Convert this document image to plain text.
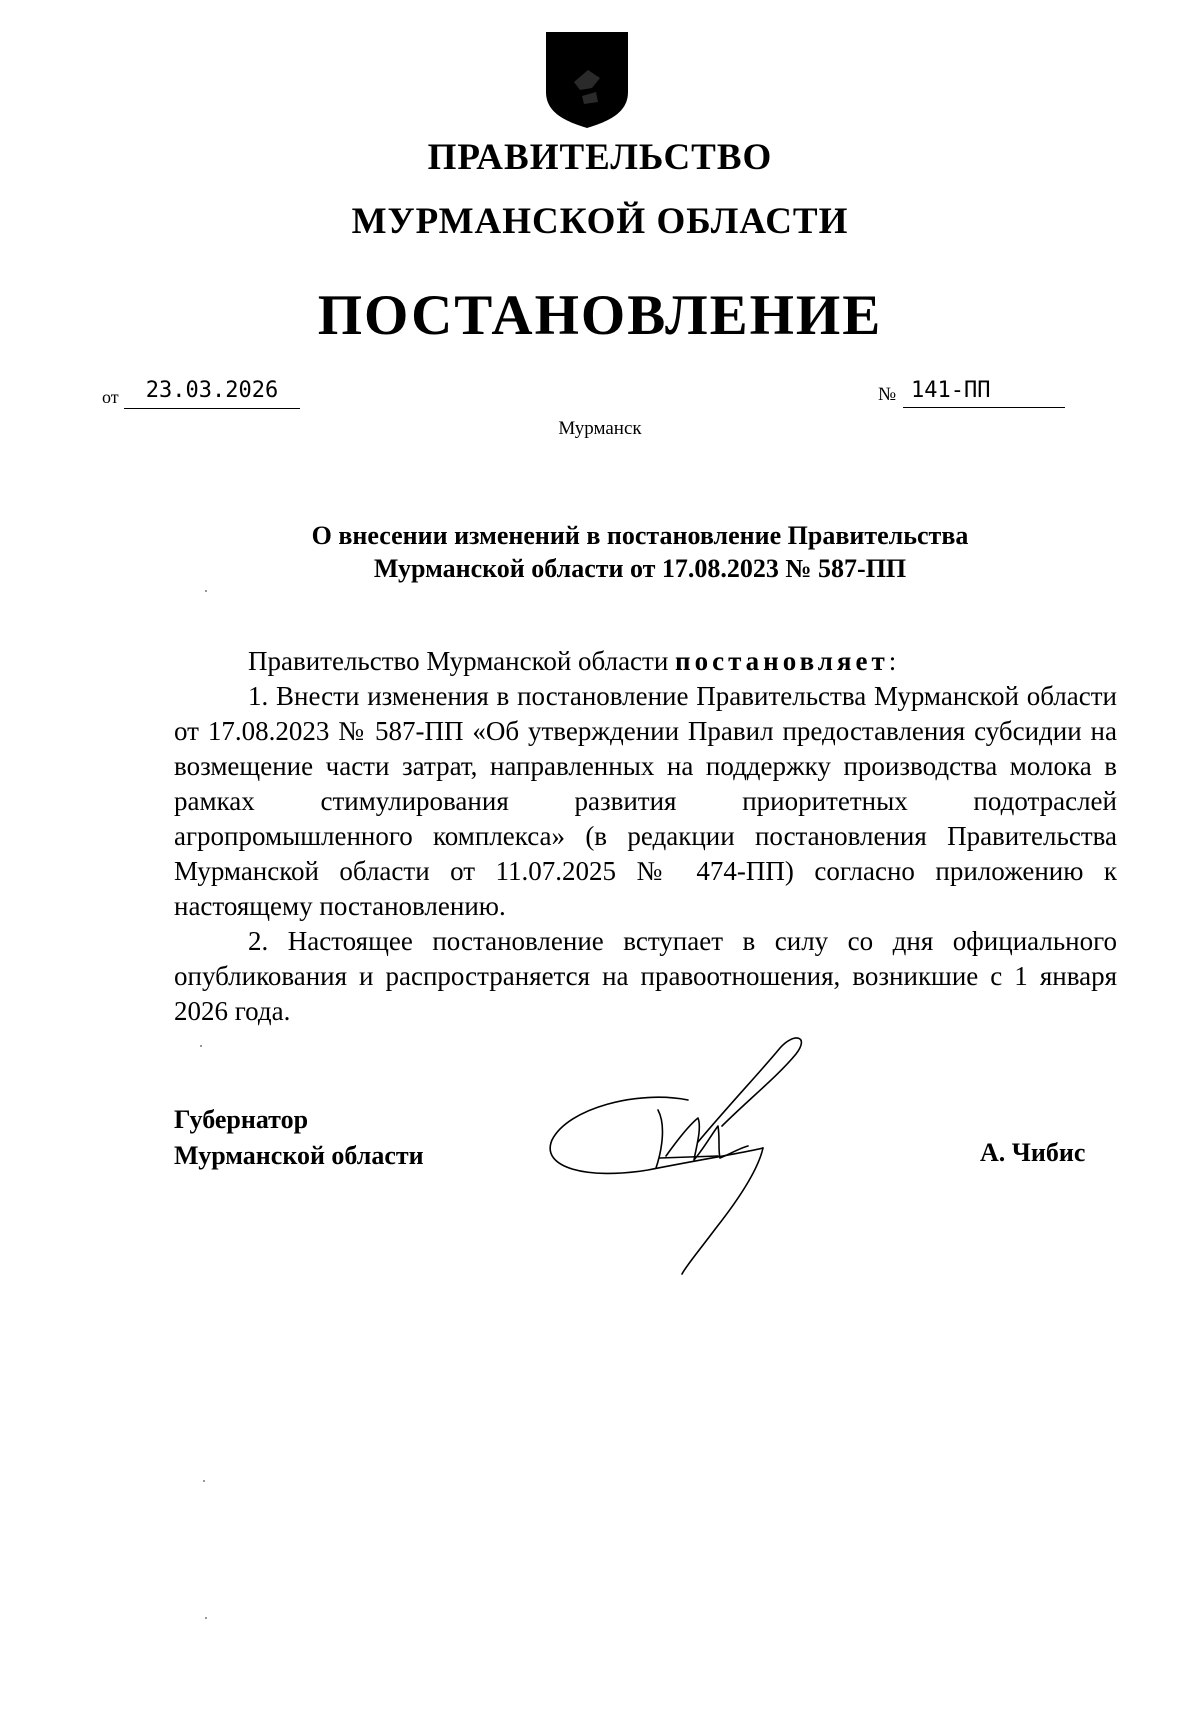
ПРАВИТЕЛЬСТВО
МУРМАНСКОЙ ОБЛАСТИ
ПОСТАНОВЛЕНИЕ
от	23.03.2026	№ 141-ПП
Мурманск
О внесении изменений в постановление Правительства
Мурманской области от 17.08.2023 № 587-ПП

Правительство Мурманской области постановляет:

1. Внести изменения в постановление Правительства Мурманской области от 17.08.2023 № 587-ПП «Об утверждении Правил предоставления субсидии на возмещение части затрат, направленных на поддержку производства молока в рамках стимулирования развития приоритетных подотраслей агропромышленного комплекса» (в редакции постановления Правительства Мурманской области от 11.07.2025 № 474-ПП) согласно приложению к настоящему постановлению.

2. Настоящее постановление вступает в силу со дня официального опубликования и распространяется на правоотношения, возникшие с 1 января 2026 года.

Губернатор
Мурманской области	А. Чибис
